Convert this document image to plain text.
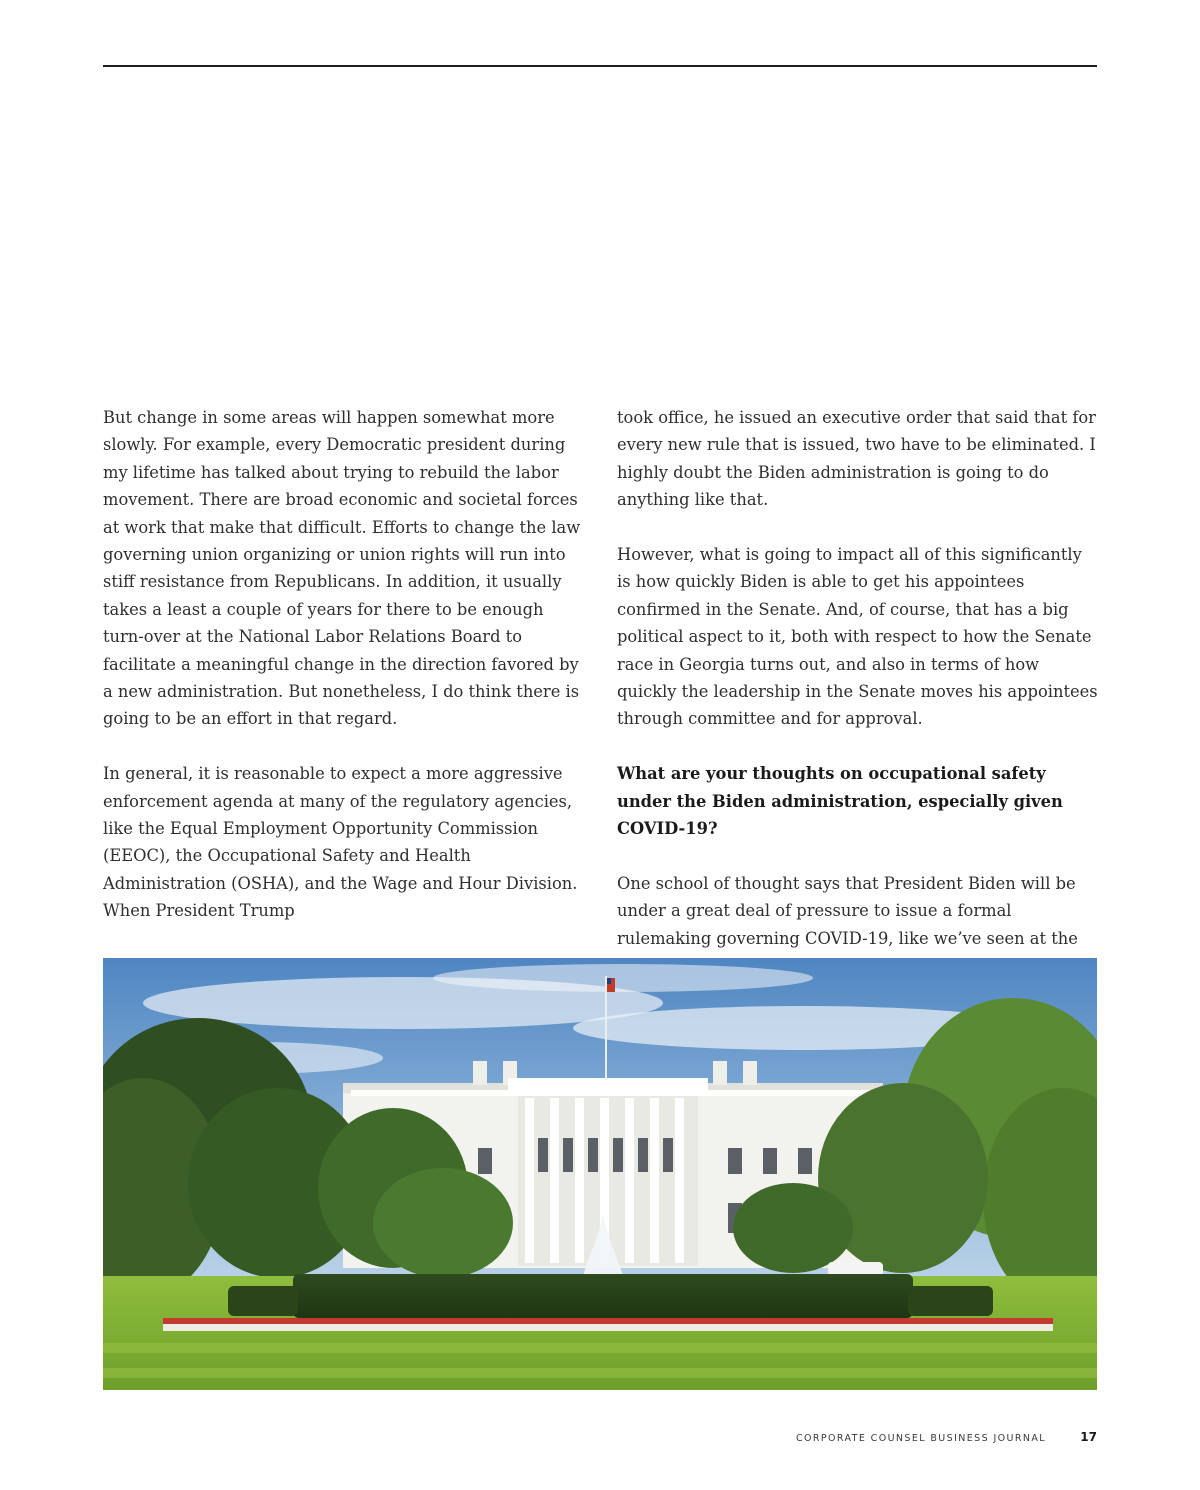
But change in some areas will happen somewhat more slowly. For example, every Democratic president during my lifetime has talked about trying to rebuild the labor movement. There are broad economic and societal forces at work that make that difficult. Efforts to change the law governing union organizing or union rights will run into stiff resistance from Republicans. In addition, it usually takes a least a couple of years for there to be enough turn-over at the National Labor Relations Board to facilitate a meaningful change in the direction favored by a new administration. But nonetheless, I do think there is going to be an effort in that regard.

In general, it is reasonable to expect a more aggressive enforcement agenda at many of the regulatory agencies, like the Equal Employment Opportunity Commission (EEOC), the Occupational Safety and Health Administration (OSHA), and the Wage and Hour Division. When President Trump

took office, he issued an executive order that said that for every new rule that is issued, two have to be eliminated. I highly doubt the Biden administration is going to do anything like that.

However, what is going to impact all of this significantly is how quickly Biden is able to get his appointees confirmed in the Senate. And, of course, that has a big political aspect to it, both with respect to how the Senate race in Georgia turns out, and also in terms of how quickly the leadership in the Senate moves his appointees through committee and for approval.

What are your thoughts on occupational safety under the Biden administration, especially given COVID-19?

One school of thought says that President Biden will be under a great deal of pressure to issue a formal rulemaking governing COVID-19, like we’ve seen at the

CORPORATE COUNSEL BUSINESS JOURNAL	17
